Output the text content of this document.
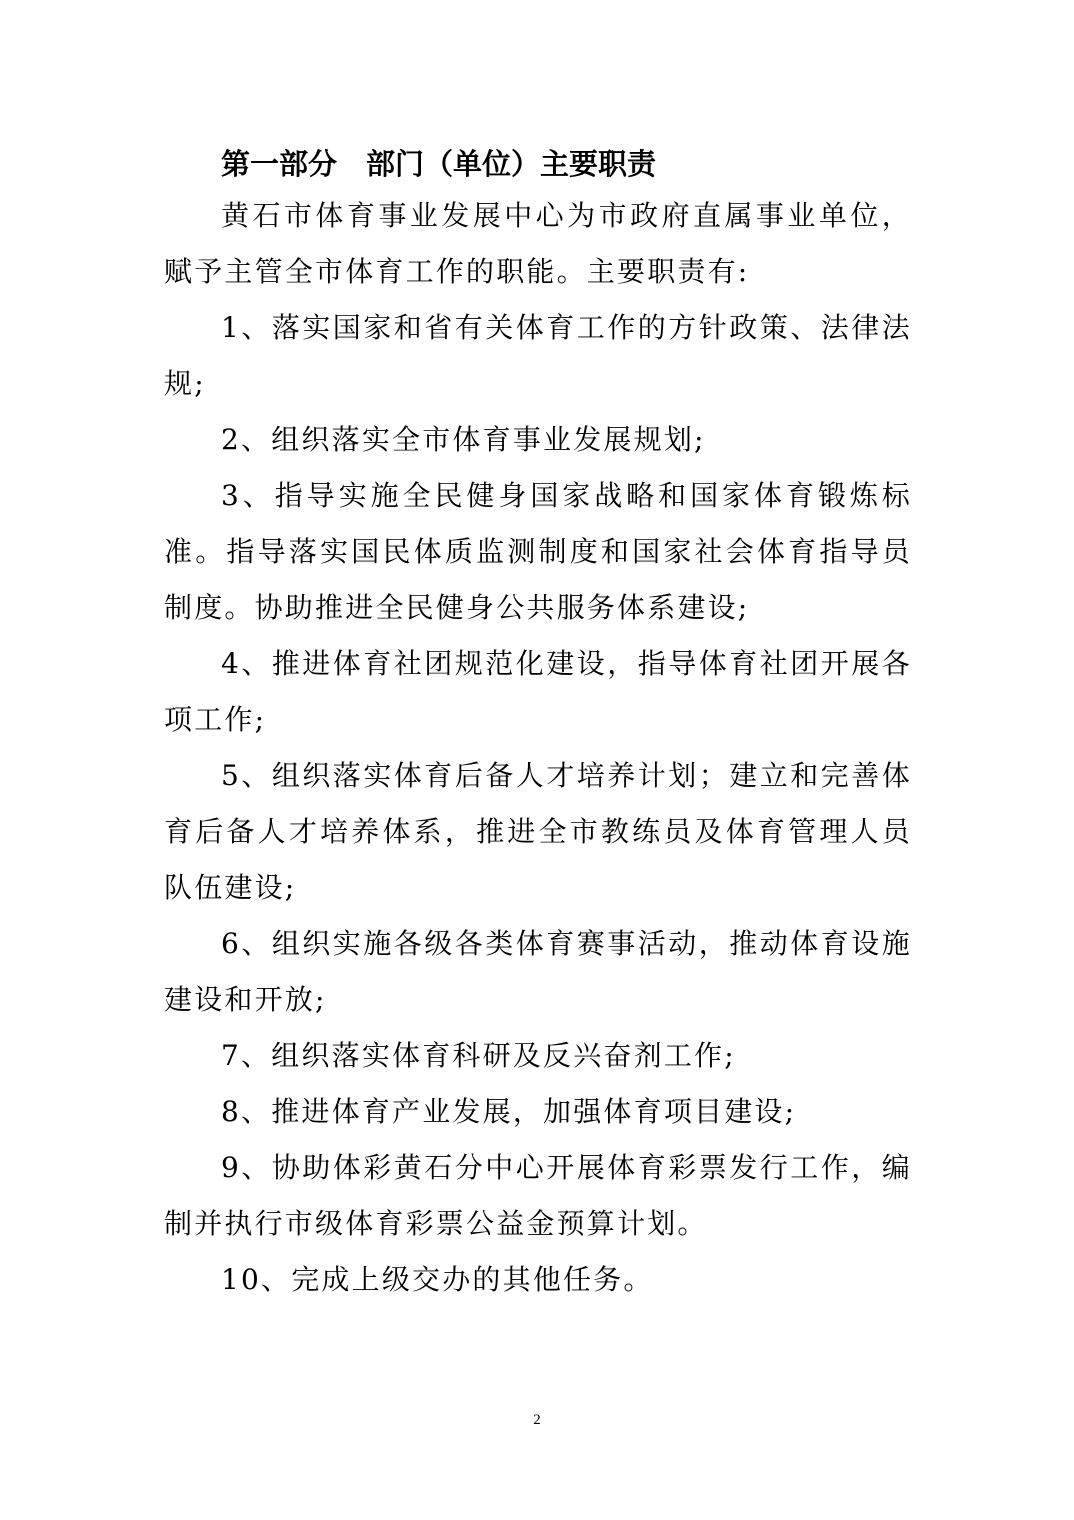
第一部分　部门（单位）主要职责

黄石市体育事业发展中心为市政府直属事业单位，赋予主管全市体育工作的职能。主要职责有:

1、落实国家和省有关体育工作的方针政策、法律法规;

2、组织落实全市体育事业发展规划;

3、指导实施全民健身国家战略和国家体育锻炼标准。指导落实国民体质监测制度和国家社会体育指导员制度。协助推进全民健身公共服务体系建设;

4、推进体育社团规范化建设，指导体育社团开展各项工作;

5、组织落实体育后备人才培养计划；建立和完善体育后备人才培养体系，推进全市教练员及体育管理人员队伍建设;

6、组织实施各级各类体育赛事活动，推动体育设施建设和开放;

7、组织落实体育科研及反兴奋剂工作;

8、推进体育产业发展，加强体育项目建设;

9、协助体彩黄石分中心开展体育彩票发行工作，编制并执行市级体育彩票公益金预算计划。

10、完成上级交办的其他任务。

2
